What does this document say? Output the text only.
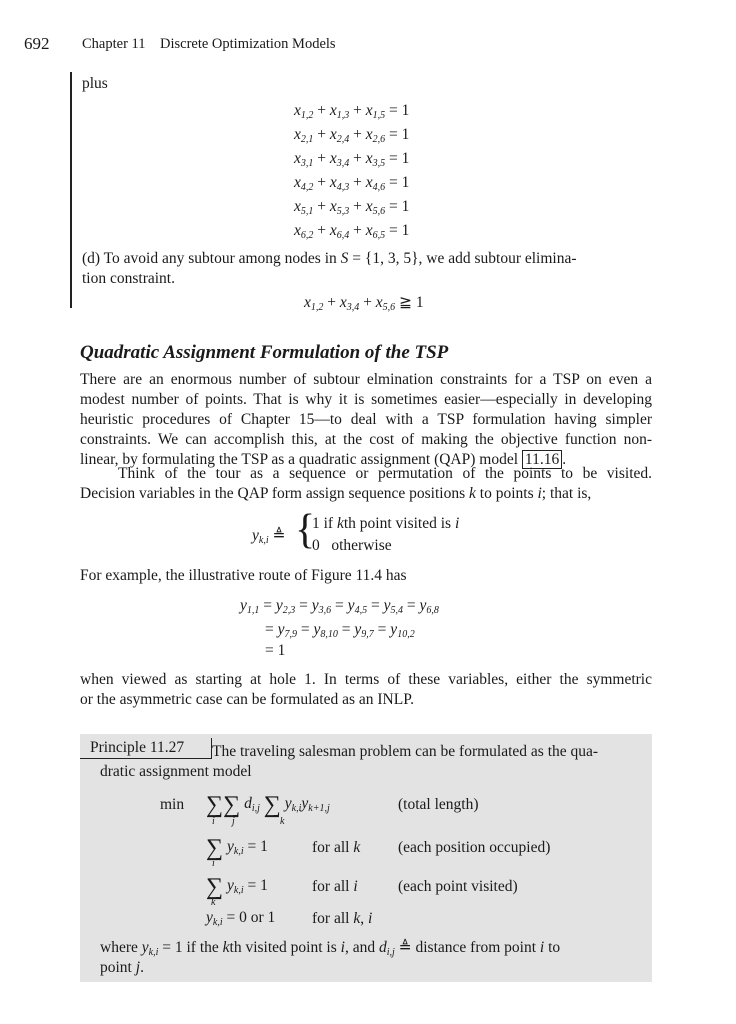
692 Chapter 11    Discrete Optimization Models
plus
$x_{1,2} + x_{1,3} + x_{1,5} = 1$
$x_{2,1} + x_{2,4} + x_{2,6} = 1$
$x_{3,1} + x_{3,4} + x_{3,5} = 1$
$x_{4,2} + x_{4,3} + x_{4,6} = 1$
$x_{5,1} + x_{5,3} + x_{5,6} = 1$
$x_{6,2} + x_{6,4} + x_{6,5} = 1$
(d) To avoid any subtour among nodes in S = {1, 3, 5}, we add subtour elimina-
tion constraint.
$x_{1,2} + x_{3,4} + x_{5,6}$ ≧ 1
Quadratic Assignment Formulation of the TSP
There are an enormous number of subtour elmination constraints for a TSP on even a
modest number of points. That is why it is sometimes easier—especially in developing
heuristic procedures of Chapter 15—to deal with a TSP formulation having simpler
constraints. We can accomplish this, at the cost of making the objective function non-
linear, by formulating the TSP as a quadratic assignment (QAP) model 11.16 .
Think of the tour as a sequence or permutation of the points to be visited.
Decision variables in the QAP form assign sequence positions k to points i; that is,
$y_{k,i}$ ≜ {
1 if kth point visited is i
0   otherwise
For example, the illustrative route of Figure 11.4 has
$y_{1,1} = y_{2,3} = y_{3,6} = y_{4,5} = y_{5,4} = y_{6,8}$
= $y_{7,9} = y_{8,10} = y_{9,7} = y_{10,2}$
= 1
when viewed as starting at hole 1. In terms of these variables, either the symmetric
or the asymmetric case can be formulated as an INLP.
Principle 11.27	The traveling salesman problem can be formulated as the qua-
dratic assignment model
min ∑∑ $d_{i,j}$ ∑ $y_{k,i}y_{k+1,j}$
i j	k
(total length)
∑ $y_{k,i} = 1$
i
for all k (each position occupied)
∑ $y_{k,i} = 1$
k
for all i	(each point visited)
$y_{k,i} = 0$ or 1 for all k, i
where $y_{k,i} = 1$ if the kth visited point is i, and $d_{i,j}$ ≜ distance from point i to
point j.
